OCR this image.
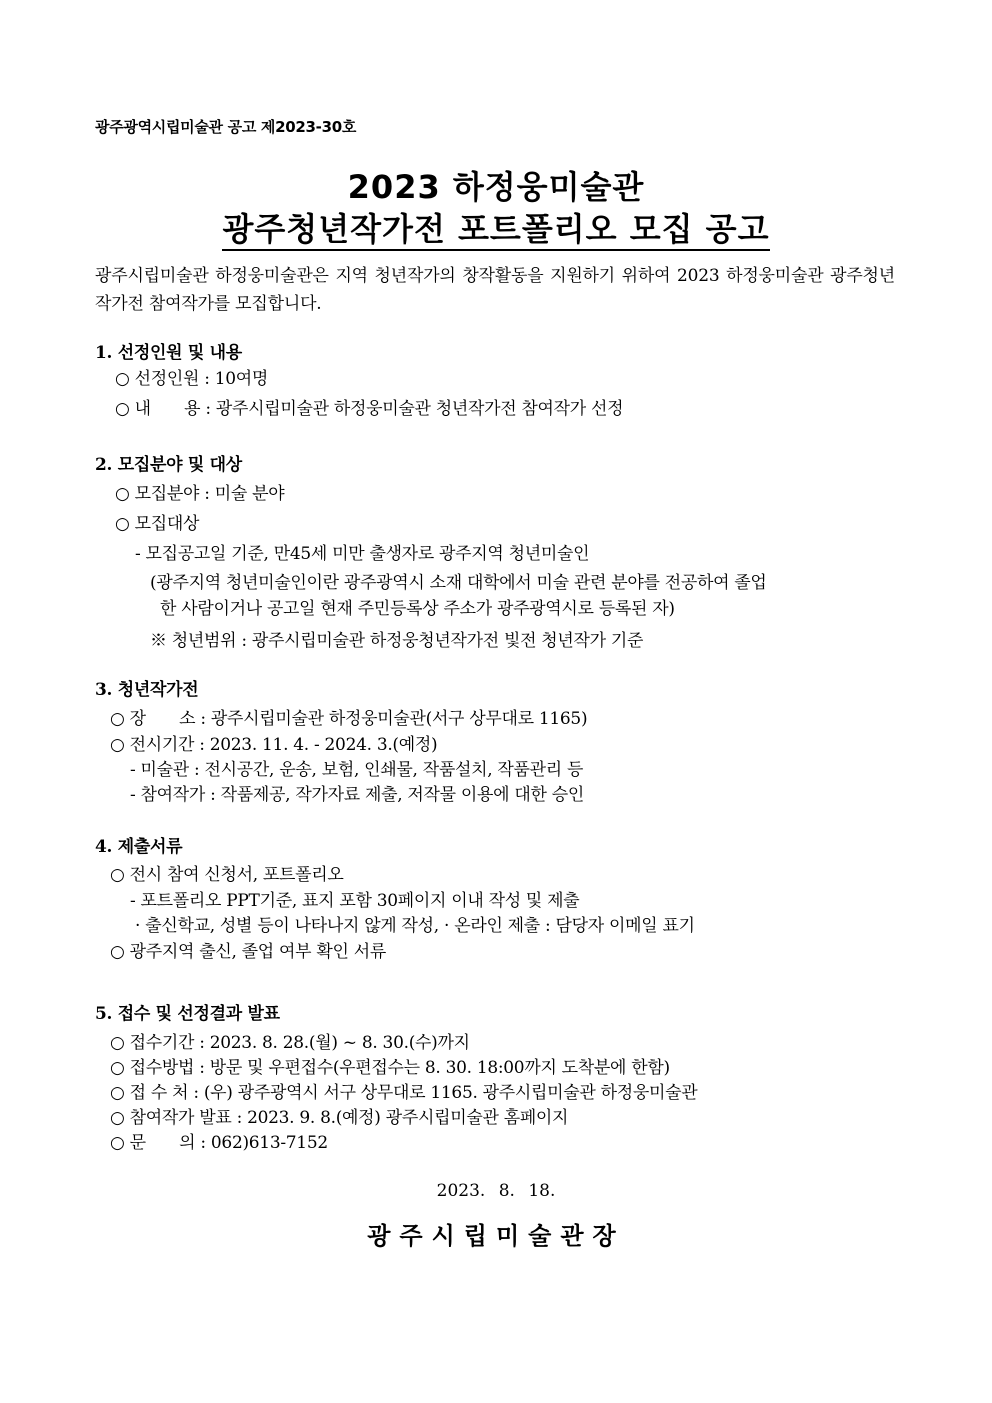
광주광역시립미술관 공고 제2023-30호
2023 하정웅미술관
광주청년작가전 포트폴리오 모집 공고
광주시립미술관 하정웅미술관은 지역 청년작가의 창작활동을 지원하기 위하여 2023 하정웅미술관 광주청년작가전 참여작가를 모집합니다.
1. 선정인원 및 내용
○ 선정인원 : 10여명
○ 내　　용 : 광주시립미술관 하정웅미술관 청년작가전 참여작가 선정
2. 모집분야 및 대상
○ 모집분야 : 미술 분야
○ 모집대상
- 모집공고일 기준, 만45세 미만 출생자로 광주지역 청년미술인
(광주지역 청년미술인이란 광주광역시 소재 대학에서 미술 관련 분야를 전공하여 졸업
한 사람이거나 공고일 현재 주민등록상 주소가 광주광역시로 등록된 자)
※ 청년범위 : 광주시립미술관 하정웅청년작가전 빛전 청년작가 기준
3. 청년작가전
○ 장　　소 : 광주시립미술관 하정웅미술관(서구 상무대로 1165)
○ 전시기간 : 2023. 11. 4. - 2024. 3.(예정)
- 미술관 : 전시공간, 운송, 보험, 인쇄물, 작품설치, 작품관리 등
- 참여작가 : 작품제공, 작가자료 제출, 저작물 이용에 대한 승인
4. 제출서류
○ 전시 참여 신청서, 포트폴리오
- 포트폴리오 PPT기준, 표지 포함 30페이지 이내 작성 및 제출
· 출신학교, 성별 등이 나타나지 않게 작성, · 온라인 제출 : 담당자 이메일 표기
○ 광주지역 출신, 졸업 여부 확인 서류
5. 접수 및 선정결과 발표
○ 접수기간 : 2023. 8. 28.(월) ~ 8. 30.(수)까지
○ 접수방법 : 방문 및 우편접수(우편접수는 8. 30. 18:00까지 도착분에 한함)
○ 접 수 처 : (우) 광주광역시 서구 상무대로 1165. 광주시립미술관 하정웅미술관
○ 참여작가 발표 : 2023. 9. 8.(예정) 광주시립미술관 홈페이지
○ 문　　의 : 062)613-7152
2023. 8. 18.
광주시립미술관장
